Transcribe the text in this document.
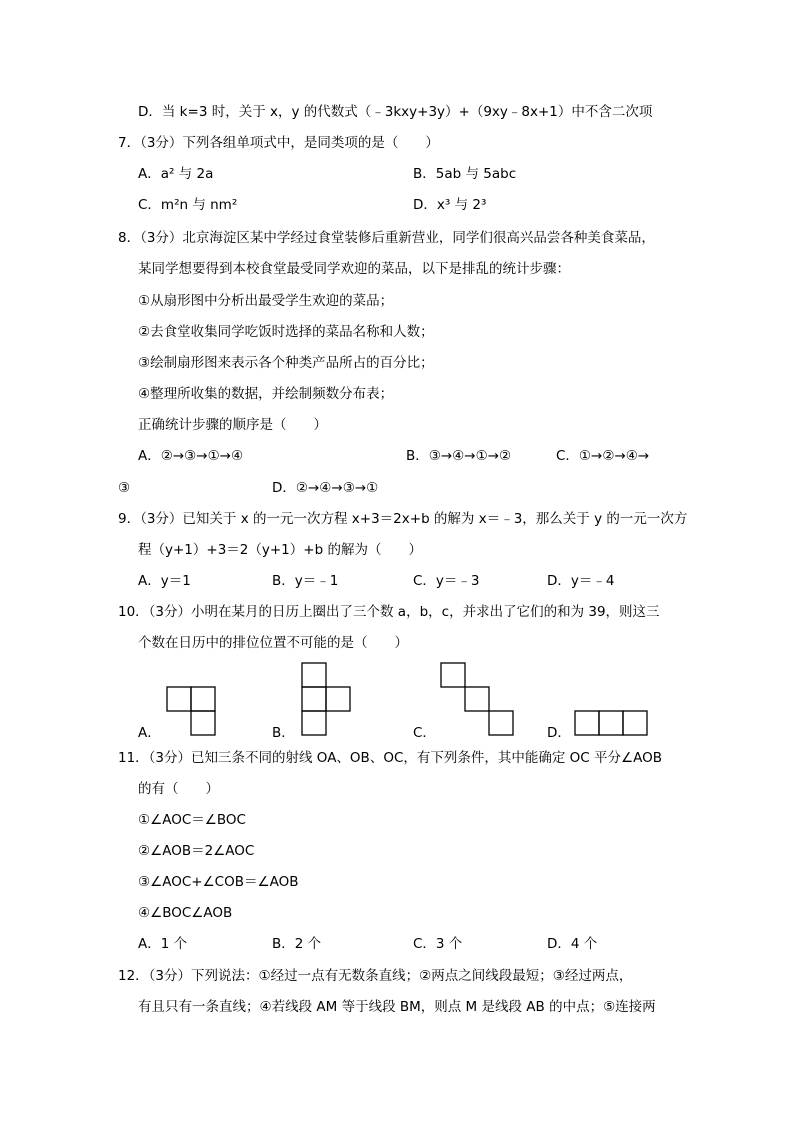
D．当 k=3 时，关于 x，y 的代数式（﹣3kxy+3y）+（9xy﹣8x+1）中不含二次项
7．（3分）下列各组单项式中，是同类项的是（　　）
A．a² 与 2a	B．5ab 与 5abc
C．m²n 与 nm²	D．x³ 与 2³
8．（3分）北京海淀区某中学经过食堂装修后重新营业，同学们很高兴品尝各种美食菜品，
某同学想要得到本校食堂最受同学欢迎的菜品，以下是排乱的统计步骤：
①从扇形图中分析出最受学生欢迎的菜品；
②去食堂收集同学吃饭时选择的菜品名称和人数；
③绘制扇形图来表示各个种类产品所占的百分比；
④整理所收集的数据，并绘制频数分布表；
正确统计步骤的顺序是（　　）
A．②→③→①→④	B．③→④→①→②	C．①→②→④→
③	D．②→④→③→①
9．（3分）已知关于 x 的一元一次方程 x+3＝2x+b 的解为 x＝﹣3，那么关于 y 的一元一次方
程（y+1）+3＝2（y+1）+b 的解为（　　）
A．y＝1	B．y＝﹣1	C．y＝﹣3	D．y＝﹣4
10．（3分）小明在某月的日历上圈出了三个数 a，b，c，并求出了它们的和为 39，则这三
个数在日历中的排位位置不可能的是（　　）
A．	B．	C．	D．
11．（3分）已知三条不同的射线 OA、OB、OC，有下列条件，其中能确定 OC 平分∠AOB
的有（　　）
①∠AOC＝∠BOC
②∠AOB＝2∠AOC
③∠AOC+∠COB＝∠AOB
④∠BOC∠AOB
A．1 个	B．2 个	C．3 个	D．4 个
12．（3分）下列说法：①经过一点有无数条直线；②两点之间线段最短；③经过两点，
有且只有一条直线；④若线段 AM 等于线段 BM，则点 M 是线段 AB 的中点；⑤连接两
